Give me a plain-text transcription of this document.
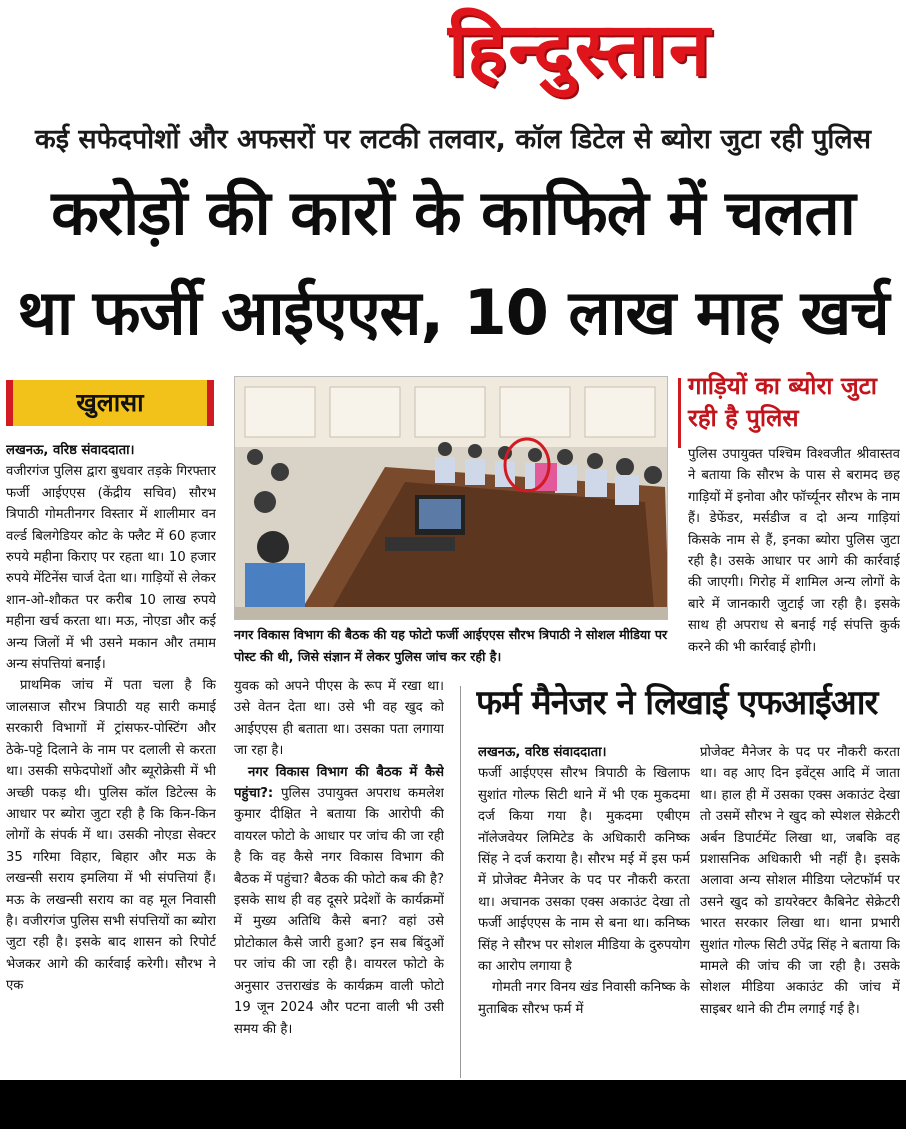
हिन्दुस्तान
कई सफेदपोशों और अफसरों पर लटकी तलवार, कॉल डिटेल से ब्योरा जुटा रही पुलिस
करोड़ों की कारों के काफिले में चलता
था फर्जी आईएएस, 10 लाख माह खर्च
खुलासा

लखनऊ, वरिष्ठ संवाददाता।

वजीरगंज पुलिस द्वारा बुधवार तड़के गिरफ्तार फर्जी आईएएस (केंद्रीय सचिव) सौरभ त्रिपाठी गोमतीनगर विस्तार में शालीमार वन वर्ल्ड बिलगेडियर कोट के फ्लैट में 60 हजार रुपये महीना किराए पर रहता था। 10 हजार रुपये मेंटिनेंस चार्ज देता था। गाड़ियों से लेकर शान-ओ-शौकत पर करीब 10 लाख रुपये महीना खर्च करता था। मऊ, नोएडा और कई अन्य जिलों में भी उसने मकान और तमाम अन्य संपत्तियां बनाईं।

प्राथमिक जांच में पता चला है कि जालसाज सौरभ त्रिपाठी यह सारी कमाई सरकारी विभागों में ट्रांसफर-पोस्टिंग और ठेके-पट्टे दिलाने के नाम पर दलाली से करता था। उसकी सफेदपोशों और ब्यूरोक्रेसी में भी अच्छी पकड़ थी। पुलिस कॉल डिटेल्स के आधार पर ब्योरा जुटा रही है कि किन-किन लोगों के संपर्क में था। उसकी नोएडा सेक्टर 35 गरिमा विहार, बिहार और मऊ के लखन्सी सराय इमलिया में भी संपत्तियां हैं। मऊ के लखन्सी सराय का वह मूल निवासी है। वजीरगंज पुलिस सभी संपत्तियों का ब्योरा जुटा रही है। इसके बाद शासन को रिपोर्ट भेजकर आगे की कार्रवाई करेगी। सौरभ ने एक

नगर विकास विभाग की बैठक की यह फोटो फर्जी आईएएस सौरभ त्रिपाठी ने सोशल मीडिया पर पोस्ट की थी, जिसे संज्ञान में लेकर पुलिस जांच कर रही है।
गाड़ियों का ब्योरा जुटा रही है पुलिस
पुलिस उपायुक्त पश्चिम विश्वजीत श्रीवास्तव ने बताया कि सौरभ के पास से बरामद छह गाड़ियों में इनोवा और फॉर्च्यूनर सौरभ के नाम हैं। डेफेंडर, मर्सडीज व दो अन्य गाड़ियां किसके नाम से हैं, इनका ब्योरा पुलिस जुटा रही है। उसके आधार पर आगे की कार्रवाई की जाएगी। गिरोह में शामिल अन्य लोगों के बारे में जानकारी जुटाई जा रही है। इसके साथ ही अपराध से बनाई गई संपत्ति कुर्क करने की भी कार्रवाई होगी।

युवक को अपने पीएस के रूप में रखा था। उसे वेतन देता था। उसे भी वह खुद को आईएएस ही बताता था। उसका पता लगाया जा रहा है।

नगर विकास विभाग की बैठक में कैसे पहुंचा?: पुलिस उपायुक्त अपराध कमलेश कुमार दीक्षित ने बताया कि आरोपी की वायरल फोटो के आधार पर जांच की जा रही है कि वह कैसे नगर विकास विभाग की बैठक में पहुंचा? बैठक की फोटो कब की है? इसके साथ ही वह दूसरे प्रदेशों के कार्यक्रमों में मुख्य अतिथि कैसे बना? वहां उसे प्रोटोकाल कैसे जारी हुआ? इन सब बिंदुओं पर जांच की जा रही है। वायरल फोटो के अनुसार उत्तराखंड के कार्यक्रम वाली फोटो 19 जून 2024 और पटना वाली भी उसी समय की है।

फर्म मैनेजर ने लिखाई एफआईआर

लखनऊ, वरिष्ठ संवाददाता।

फर्जी आईएएस सौरभ त्रिपाठी के खिलाफ सुशांत गोल्फ सिटी थाने में भी एक मुकदमा दर्ज किया गया है। मुकदमा एबीएम नॉलेजवेयर लिमिटेड के अधिकारी कनिष्क सिंह ने दर्ज कराया है। सौरभ मई में इस फर्म में प्रोजेक्ट मैनेजर के पद पर नौकरी करता था। अचानक उसका एक्स अकाउंट देखा तो फर्जी आईएएस के नाम से बना था। कनिष्क सिंह ने सौरभ पर सोशल मीडिया के दुरुपयोग का आरोप लगाया है

गोमती नगर विनय खंड निवासी कनिष्क के मुताबिक सौरभ फर्म में

प्रोजेक्ट मैनेजर के पद पर नौकरी करता था। वह आए दिन इवेंट्स आदि में जाता था। हाल ही में उसका एक्स अकाउंट देखा तो उसमें सौरभ ने खुद को स्पेशल सेक्रेटरी अर्बन डिपार्टमेंट लिखा था, जबकि वह प्रशासनिक अधिकारी भी नहीं है। इसके अलावा अन्य सोशल मीडिया प्लेटफॉर्म पर उसने खुद को डायरेक्टर कैबिनेट सेक्रेटरी भारत सरकार लिखा था। थाना प्रभारी सुशांत गोल्फ सिटी उपेंद्र सिंह ने बताया कि मामले की जांच की जा रही है। उसके सोशल मीडिया अकाउंट की जांच में साइबर थाने की टीम लगाई गई है।
